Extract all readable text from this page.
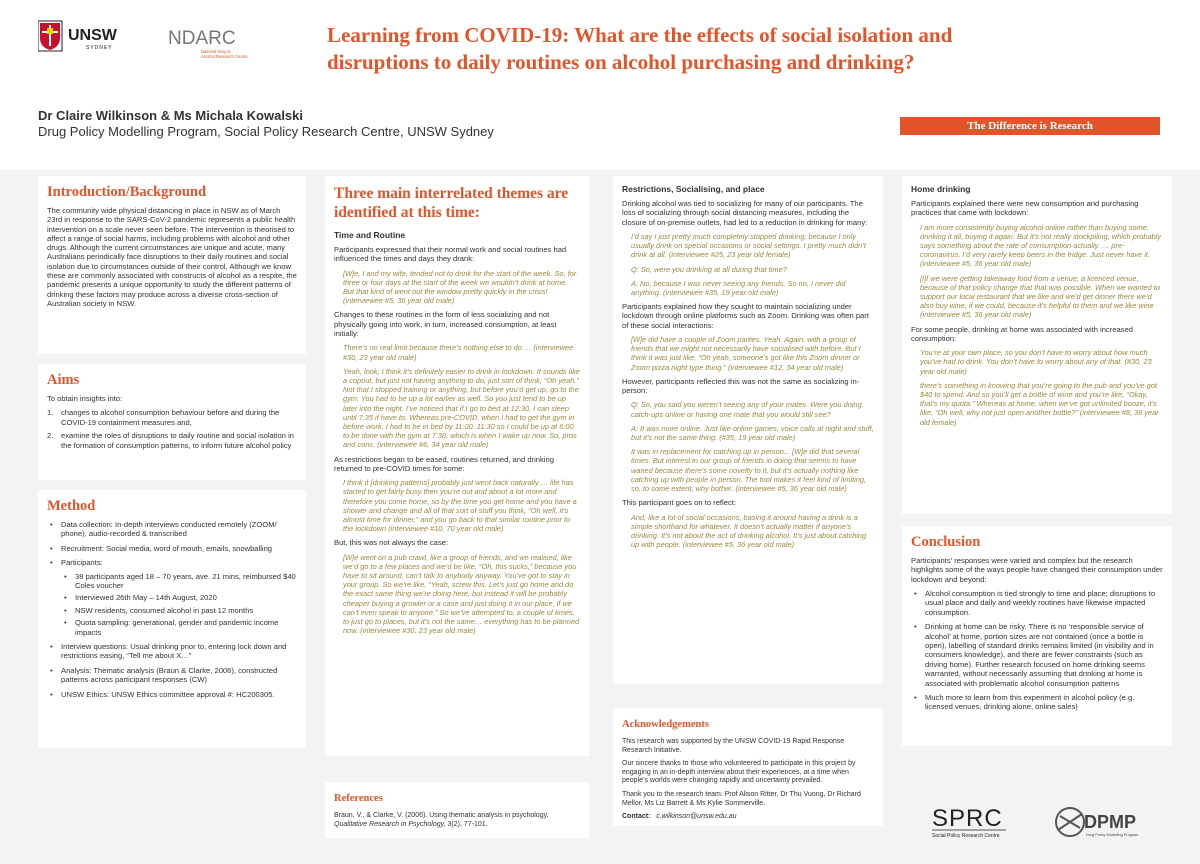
UNSW
SYDNEY	NDARC
National Drug &
Alcohol Research Centre
Learning from COVID-19: What are the effects of social isolation and
disruptions to daily routines on alcohol purchasing and drinking?
Dr Claire Wilkinson & Ms Michala Kowalski
Drug Policy Modelling Program, Social Policy Research Centre, UNSW Sydney	The Difference is Research
Introduction/Background

The community wide physical distancing in place in NSW as of March 23rd in response to the SARS-CoV-2 pandemic represents a public health intervention on a scale never seen before. The intervention is theorised to affect a range of social harms, including problems with alcohol and other drugs. Although the current circumstances are unique and acute, many Australians periodically face disruptions to their daily routines and social isolation due to circumstances outside of their control. Although we know these are commonly associated with constructs of alcohol as a respite, the pandemic presents a unique opportunity to study the different patterns of drinking these factors may produce across a diverse cross-section of Australian society in NSW.

Aims

To obtain insights into:

1. changes to alcohol consumption behaviour before and during the COVID-19 containment measures and,
2. examine the roles of disruptions to daily routine and social isolation in the formation of consumption patterns, to inform future alcohol policy
Method
• Data collection: In-depth interviews conducted remotely (ZOOM/ phone), audio-recorded & transcribed
• Recruitment: Social media, word of mouth, emails, snowballing
• Participants:
• 38 participants aged 18 – 70 years, ave. 21 mins, reimbursed $40 Coles voucher
• Interviewed 26th May – 14th August, 2020
• NSW residents, consumed alcohol in past 12 months
• Quota sampling: generational, gender and pandemic income impacts
• Interview questions: Usual drinking prior to, entering lock down and restrictions easing, “Tell me about X…”
• Analysis: Thematic analysis (Braun & Clarke, 2006), constructed patterns across participant responses (CW)
• UNSW Ethics: UNSW Ethics committee approval #: HC200305.
Three main interrelated themes are identified at this time:
Time and Routine

Participants expressed that their normal work and social routines had influenced the times and days they drank:

[W]e, I and my wife, tended not to drink for the start of the week. So, for three or four days at the start of the week we wouldn’t drink at home. But that kind of went out the window pretty quickly in the crisis! (interviewee #5, 36 year old male)

Changes to these routines in the form of less socializing and not physically going into work, in turn, increased consumption, at least initially:

There’s no real limit because there’s nothing else to do … (interviewee #30, 23 year old male)
Yeah, look, I think it’s definitely easier to drink in lockdown. It sounds like a copout, but just not having anything to do, just sort of think, “Oh yeah.” Not that I stopped training or anything, but before you’d get up, go to the gym. You had to be up a lot earlier as well. So you just tend to be up later into the night. I’ve noticed that if I go to bed at 12:30, I can sleep until 7:35 if have to. Whereas pre-COVID, when I had to get the gym in before work, I had to be in bed by 11:00. 11:30 so I could be up at 6:00 to be done with the gym at 7:30, which is when I wake up now. So, pros and cons. (interviewee #6, 34 year old male)

As restrictions began to be eased, routines returned, and drinking returned to pre-COVID times for some:

I think it [drinking patterns] probably just went back naturally … life has started to get fairly busy then you’re out and about a lot more and therefore you come home, so by the time you get home and you have a shower and change and all of that sort of stuff you think, “Oh well, it’s almost time for dinner,” and you go back to that similar routine prior to the lockdown (interviewee #10, 70 year old male)

But, this was not always the case:

[W]e went on a pub crawl, like a group of friends, and we realised, like we’d go to a few places and we’d be like, “Oh, this sucks,” because you have to sit around, can’t talk to anybody anyway. You’ve got to stay in your group. So we’re like, “Yeah, screw this. Let’s just go home and do the exact same thing we’re doing here, but instead it will be probably cheaper buying a growler or a case and just doing it in our place, if we can’t even speak to anyone.” So we’ve attempted to, a couple of times, to just go to places, but it’s not the same… everything has to be planned now. (interviewee #30, 23 year old male)
References

Braun, V., & Clarke, V. (2006). Using thematic analysis in psychology.
Qualitative Research in Psychology, 3(2), 77-101.

Restrictions, Socialising, and place

Drinking alcohol was tied to socializing for many of our participants. The loss of socializing through social distancing measures, including the closure of on-premise outlets, had led to a reduction in drinking for many:

I’d say I just pretty much completely stopped drinking, because I only usually drink on special occasions or social settings. I pretty much didn’t drink at all. (interviewee #25, 23 year old female)
Q: So, were you drinking at all during that time?
A: No, because I was never seeing any friends. So no, I never did anything. (interviewee #35, 19 year old male)

Participants explained how they sought to maintain socializing under lockdown through online platforms such as Zoom. Drinking was often part of these social interactions:

[W]e did have a couple of Zoom parties. Yeah. Again, with a group of friends that we might not necessarily have socialised with before. But I think it was just like, “Oh yeah, someone’s got like this Zoom dinner or Zoom pizza night type thing.” (interviewee #12, 34 year old male)

However, participants reflected this was not the same as socializing in-person:

Q: So, you said you weren’t seeing any of your mates. Were you doing catch-ups online or having one mate that you would still see?
A: It was more online. Just like online games, voice calls at night and stuff, but it’s not the same thing. (#35, 19 year old male)
It was in replacement for catching up in person... [W]e did that several times. But interest in our group of friends in doing that seems to have waned because there’s some novelty to it, but it’s actually nothing like catching up with people in person. The tool makes it feel kind of limiting, so, to some extent, why bother. (interviewee #5, 36 year old male)

This participant goes on to reflect:

And, like a lot of social occasions, basing it around having a drink is a simple shorthand for whatever. It doesn’t actually matter if anyone’s drinking. It’s not about the act of drinking alcohol. It’s just about catching up with people. (interviewee #5, 36 year old male)
Acknowledgements

This research was supported by the UNSW COVID-19 Rapid Response Research Initiative.

Our sincere thanks to those who volunteered to participate in this project by engaging in an in-depth interview about their experiences, at a time when people’s worlds were changing rapidly and uncertainty prevailed.

Thank you to the research team: Prof Alison Ritter, Dr Thu Vuong, Dr Richard Mellor, Ms Liz Barrett & Ms Kylie Sommerville.

Contact: c.wilkinson@unsw.edu.au
Home drinking

Participants explained there were new consumption and purchasing practices that came with lockdown:

I am more consistently buying alcohol online rather than buying some, drinking it all, buying it again. But it’s not really stockpiling, which probably says something about the rate of consumption actually. … pre-coronavirus, I’d very rarely keep beers in the fridge. Just never have it. (interviewee #5, 36 year old male)
[I]f we were getting takeaway food from a venue, a licenced venue, because of that policy change that that was possible. When we wanted to support our local restaurant that we like and we’d get dinner there we’d also buy wine, if we could, because it’s helpful to them and we like wine (interviewee #5, 36 year old male)

For some people, drinking at home was associated with increased consumption:

You’re at your own place, so you don’t have to worry about how much you’ve had to drink. You don’t have to worry about any of that. (#30, 23 year old male)
there’s something in knowing that you’re going to the pub and you’ve got $40 to spend. And so you’ll get a bottle of wine and you’re like, “Okay, that’s my quota.” Whereas at home, when we’ve got unlimited booze, it’s like, “Oh well, why not just open another bottle?” (interviewee #8, 36 year old female)
Conclusion

Participants’ responses were varied and complex but the research highlights some of the ways people have changed their consumption under lockdown and beyond:

• Alcohol consumption is tied strongly to time and place; disruptions to usual place and daily and weekly routines have likewise impacted consumption.
• Drinking at home can be risky. There is no ‘responsible service of alcohol’ at home, portion sizes are not contained (once a bottle is open), labelling of standard drinks remains limited (in visibility and in consumers knowledge), and there are fewer constraints (such as driving home). Further research focused on home drinking seems warranted, without necessarily assuming that drinking at home is associated with problematic alcohol consumption patterns
• Much more to learn from this experiment in alcohol policy (e.g. licensed venues, drinking alone, online sales)
SPRC
Social Policy Research Centre
DPMP
Drug Policy Modelling Program
